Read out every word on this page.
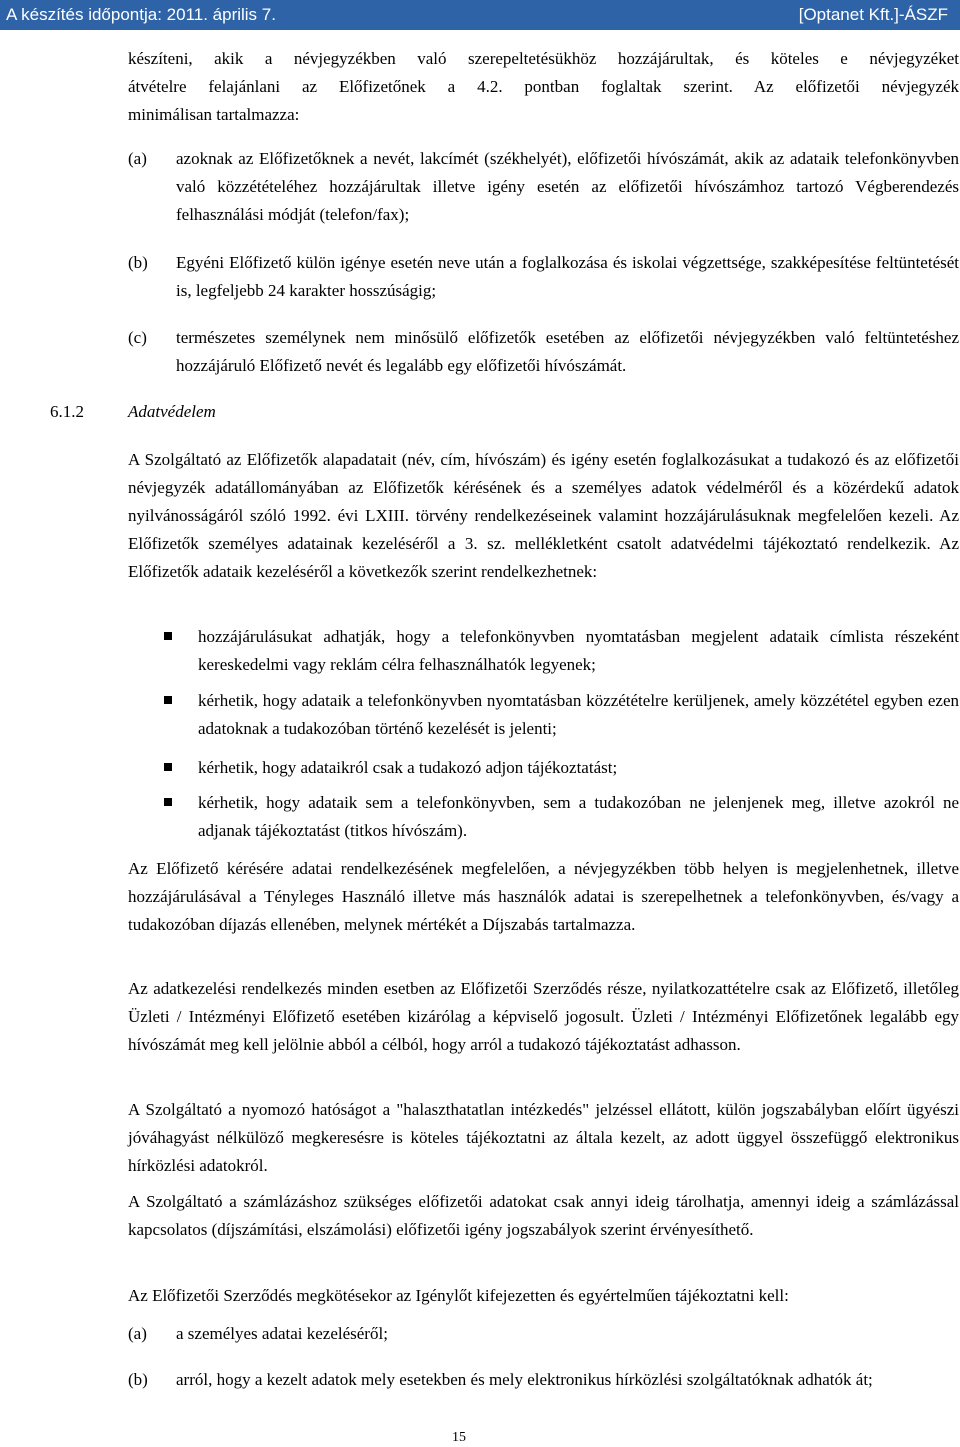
A készítés időpontja: 2011. április 7.	[Optanet Kft.]-ÁSZF
készíteni, akik a névjegyzékben való szerepeltetésükhöz hozzájárultak, és köteles e névjegyzéket
átvételre felajánlani az Előfizetőnek a 4.2. pontban foglaltak szerint. Az előfizetői névjegyzék
minimálisan tartalmazza:
(a) azoknak az Előfizetőknek a nevét, lakcímét (székhelyét), előfizetői hívószámát, akik az adataik telefonkönyvben való közzétételéhez hozzájárultak illetve igény esetén az előfizetői hívószámhoz tartozó Végberendezés felhasználási módját (telefon/fax);
(b) Egyéni Előfizető külön igénye esetén neve után a foglalkozása és iskolai végzettsége, szakképesítése feltüntetését is, legfeljebb 24 karakter hosszúságig;
(c) természetes személynek nem minősülő előfizetők esetében az előfizetői névjegyzékben való feltüntetéshez hozzájáruló Előfizető nevét és legalább egy előfizetői hívószámát.
6.1.2	Adatvédelem
A Szolgáltató az Előfizetők alapadatait (név, cím, hívószám) és igény esetén foglalkozásukat a tudakozó és az előfizetői névjegyzék adatállományában az Előfizetők kérésének és a személyes adatok védelméről és a közérdekű adatok nyilvánosságáról szóló 1992. évi LXIII. törvény rendelkezéseinek valamint hozzájárulásuknak megfelelően kezeli. Az Előfizetők személyes adatainak kezeléséről a 3. sz. mellékletként csatolt adatvédelmi tájékoztató rendelkezik. Az Előfizetők adataik kezeléséről a következők szerint rendelkezhetnek:
hozzájárulásukat adhatják, hogy a telefonkönyvben nyomtatásban megjelent adataik címlista részeként kereskedelmi vagy reklám célra felhasználhatók legyenek;
kérhetik, hogy adataik a telefonkönyvben nyomtatásban közzétételre kerüljenek, amely közzététel egyben ezen adatoknak a tudakozóban történő kezelését is jelenti;
kérhetik, hogy adataikról csak a tudakozó adjon tájékoztatást;
kérhetik, hogy adataik sem a telefonkönyvben, sem a tudakozóban ne jelenjenek meg, illetve azokról ne adjanak tájékoztatást (titkos hívószám).
Az Előfizető kérésére adatai rendelkezésének megfelelően, a névjegyzékben több helyen is megjelenhetnek, illetve hozzájárulásával a Tényleges Használó illetve más használók adatai is szerepelhetnek a telefonkönyvben, és/vagy a tudakozóban díjazás ellenében, melynek mértékét a Díjszabás tartalmazza.
Az adatkezelési rendelkezés minden esetben az Előfizetői Szerződés része, nyilatkozattételre csak az Előfizető, illetőleg Üzleti / Intézményi Előfizető esetében kizárólag a képviselő jogosult. Üzleti / Intézményi Előfizetőnek legalább egy hívószámát meg kell jelölnie abból a célból, hogy arról a tudakozó tájékoztatást adhasson.
A Szolgáltató a nyomozó hatóságot a "halaszthatatlan intézkedés" jelzéssel ellátott, külön jogszabályban előírt ügyészi jóváhagyást nélkülöző megkeresésre is köteles tájékoztatni az általa kezelt, az adott üggyel összefüggő elektronikus hírközlési adatokról.
A Szolgáltató a számlázáshoz szükséges előfizetői adatokat csak annyi ideig tárolhatja, amennyi ideig a számlázással kapcsolatos (díjszámítási, elszámolási) előfizetői igény jogszabályok szerint érvényesíthető.
Az Előfizetői Szerződés megkötésekor az Igénylőt kifejezetten és egyértelműen tájékoztatni kell:
(a) a személyes adatai kezeléséről;
(b) arról, hogy a kezelt adatok mely esetekben és mely elektronikus hírközlési szolgáltatóknak adhatók át;
15
